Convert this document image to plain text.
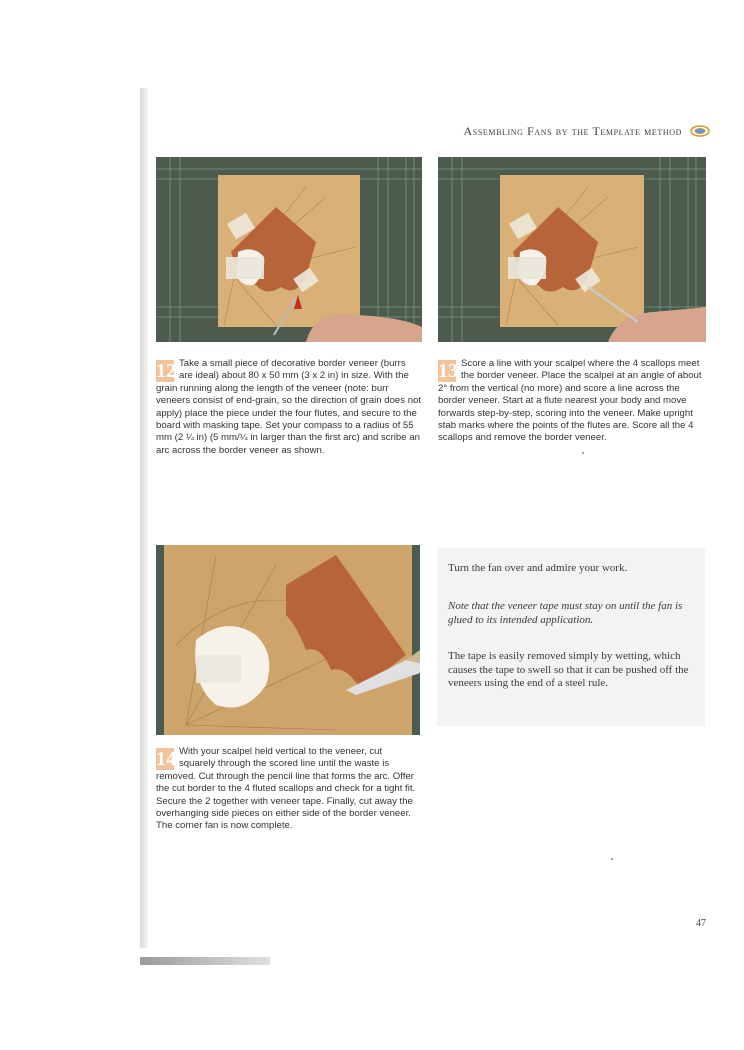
Assembling Fans by the Template method
12 Take a small piece of decorative border veneer (burrs are ideal) about 80 x 50 mm (3 x 2 in) in size. With the grain running along the length of the veneer (note: burr veneers consist of end-grain, so the direction of grain does not apply) place the piece under the four flutes, and secure to the board with masking tape. Set your compass to a radius of 55 mm (2 ¼ in) (5 mm/¼ in larger than the first arc) and scribe an arc across the border veneer as shown.
13 Score a line with your scalpel where the 4 scallops meet the border veneer. Place the scalpel at an angle of about 2° from the vertical (no more) and score a line across the border veneer. Start at a flute nearest your body and move forwards step-by-step, scoring into the veneer. Make upright stab marks where the points of the flutes are. Score all the 4 scallops and remove the border veneer.
14 With your scalpel held vertical to the veneer, cut squarely through the scored line until the waste is removed. Cut through the pencil line that forms the arc. Offer the cut border to the 4 fluted scallops and check for a tight fit. Secure the 2 together with veneer tape. Finally, cut away the overhanging side pieces on either side of the border veneer. The corner fan is now complete.

Turn the fan over and admire your work.

Note that the veneer tape must stay on until the fan is glued to its intended application.

The tape is easily removed simply by wetting, which causes the tape to swell so that it can be pushed off the veneers using the end of a steel rule.

47
